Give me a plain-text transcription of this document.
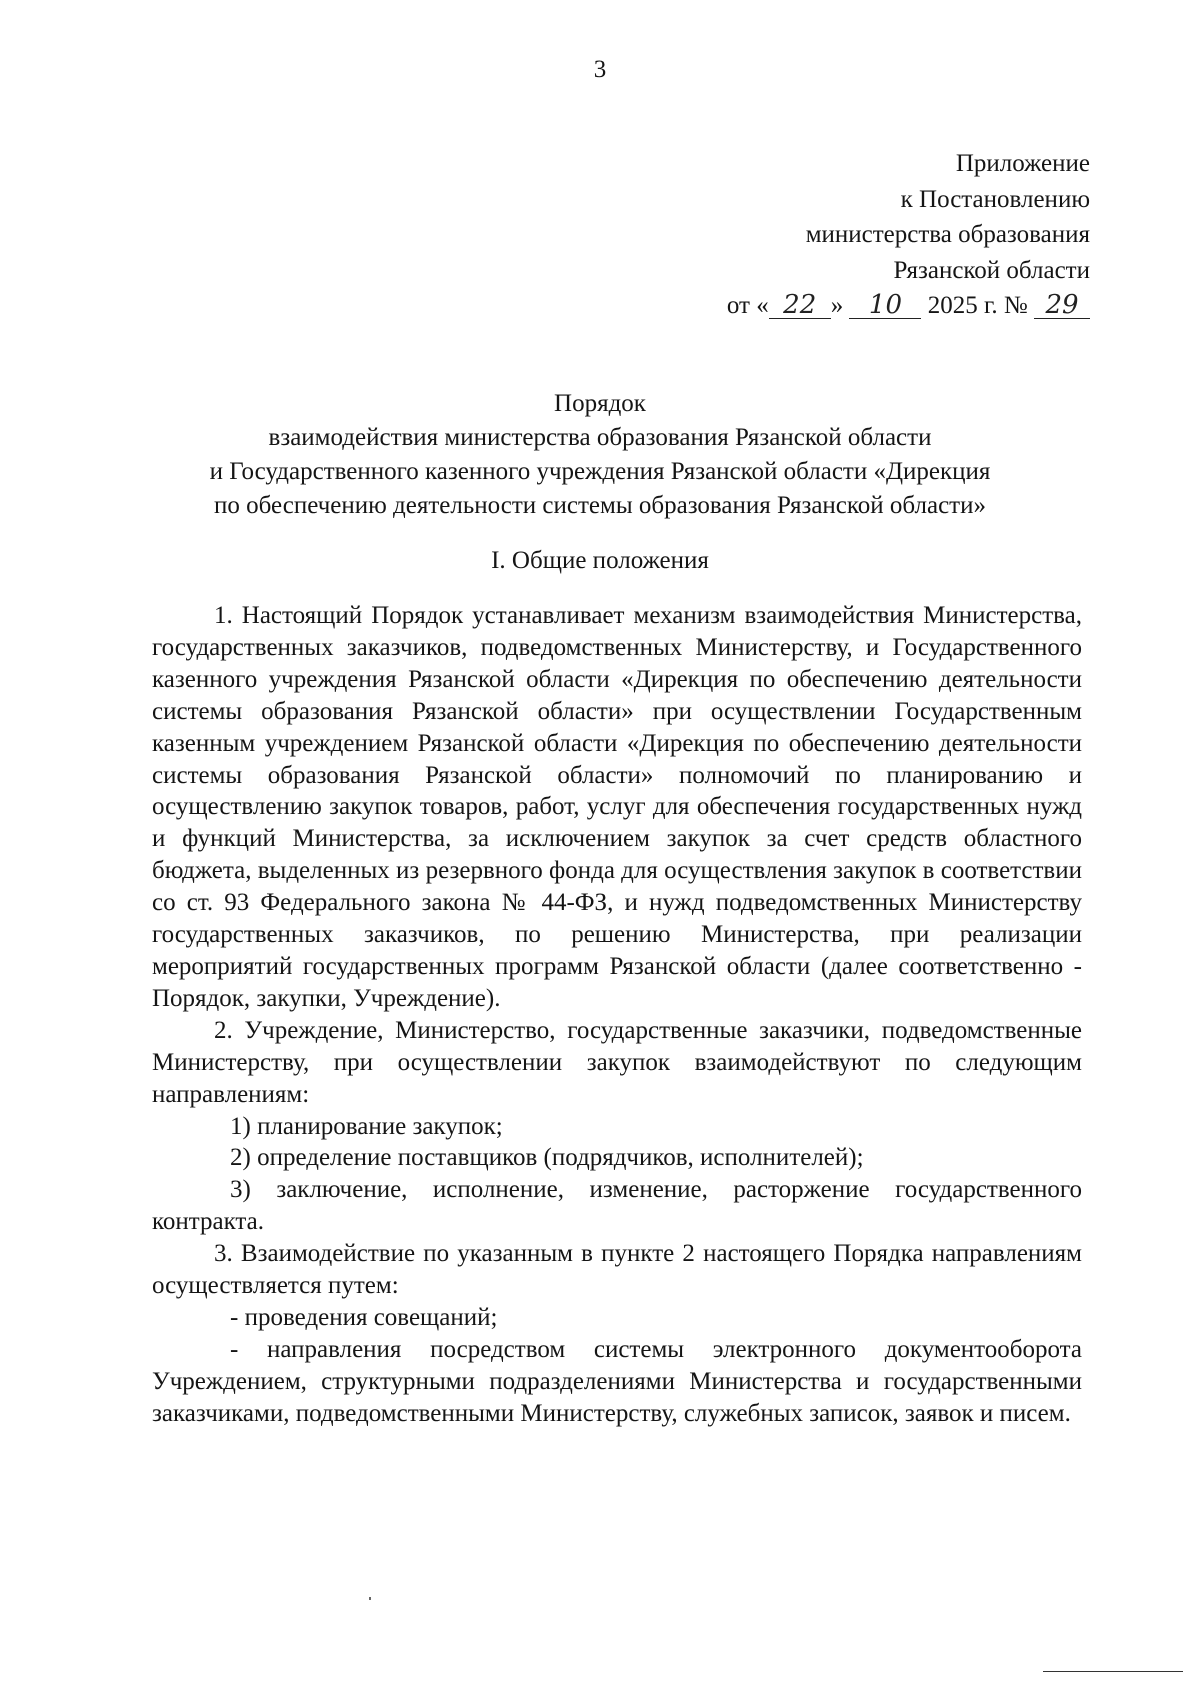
3
Приложение
к Постановлению
министерства образования
Рязанской области
от « 22 » 10 2025 г. № 29
Порядок
взаимодействия министерства образования Рязанской области
и Государственного казенного учреждения Рязанской области «Дирекция
по обеспечению деятельности системы образования Рязанской области»
I. Общие положения

1. Настоящий Порядок устанавливает механизм взаимодействия Министерства, государственных заказчиков, подведомственных Министерству, и Государственного казенного учреждения Рязанской области «Дирекция по обеспечению деятельности системы образования Рязанской области» при осуществлении Государственным казенным учреждением Рязанской области «Дирекция по обеспечению деятельности системы образования Рязанской области» полномочий по планированию и осуществлению закупок товаров, работ, услуг для обеспечения государственных нужд и функций Министерства, за исключением закупок за счет средств областного бюджета, выделенных из резервного фонда для осуществления закупок в соответствии со ст. 93 Федерального закона № 44-ФЗ, и нужд подведомственных Министерству государственных заказчиков, по решению Министерства, при реализации мероприятий государственных программ Рязанской области (далее соответственно - Порядок, закупки, Учреждение).

2. Учреждение, Министерство, государственные заказчики, подведомственные Министерству, при осуществлении закупок взаимодействуют по следующим направлениям:

1) планирование закупок;

2) определение поставщиков (подрядчиков, исполнителей);

3) заключение, исполнение, изменение, расторжение государственного контракта.

3. Взаимодействие по указанным в пункте 2 настоящего Порядка направлениям осуществляется путем:

- проведения совещаний;

- направления посредством системы электронного документооборота Учреждением, структурными подразделениями Министерства и государственными заказчиками, подведомственными Министерству, служебных записок, заявок и писем.
